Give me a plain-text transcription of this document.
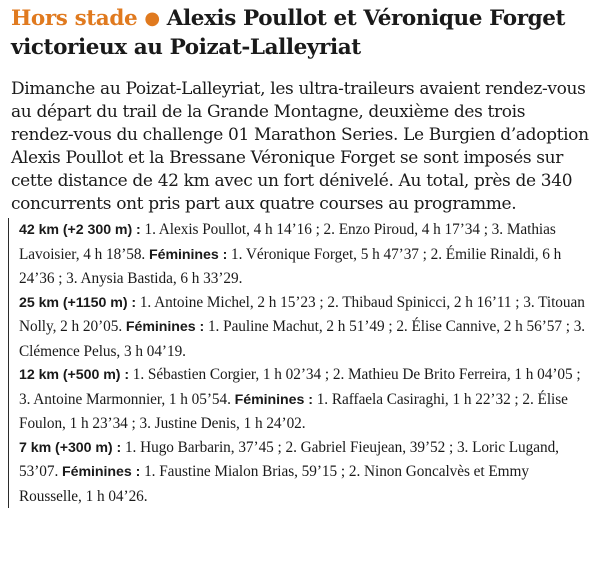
Hors stade ● Alexis Poullot et Véronique Forget victorieux au Poizat-Lalleyriat

Dimanche au Poizat-Lalleyriat, les ultra-traileurs avaient rendez-vous au départ du trail de la Grande Montagne, deuxième des trois rendez-vous du challenge 01 Marathon Series. Le Burgien d’adoption Alexis Poullot et la Bressane Véronique Forget se sont imposés sur cette distance de 42 km avec un fort dénivelé. Au total, près de 340 concurrents ont pris part aux quatre courses au programme.

42 km (+2 300 m) : 1. Alexis Poullot, 4 h 14’16 ; 2. Enzo Piroud, 4 h 17’34 ; 3. Mathias Lavoisier, 4 h 18’58. Féminines : 1. Véronique Forget, 5 h 47’37 ; 2. Émilie Rinaldi, 6 h 24’36 ; 3. Anysia Bastida, 6 h 33’29.

25 km (+1150 m) : 1. Antoine Michel, 2 h 15’23 ; 2. Thibaud Spinicci, 2 h 16’11 ; 3. Titouan Nolly, 2 h 20’05. Féminines : 1. Pauline Machut, 2 h 51’49 ; 2. Élise Cannive, 2 h 56’57 ; 3. Clémence Pelus, 3 h 04’19.

12 km (+500 m) : 1. Sébastien Corgier, 1 h 02’34 ; 2. Mathieu De Brito Ferreira, 1 h 04’05 ; 3. Antoine Marmonnier, 1 h 05’54. Féminines : 1. Raffaela Casiraghi, 1 h 22’32 ; 2. Élise Foulon, 1 h 23’34 ; 3. Justine Denis, 1 h 24’02.

7 km (+300 m) : 1. Hugo Barbarin, 37’45 ; 2. Gabriel Fieujean, 39’52 ; 3. Loric Lugand, 53’07. Féminines : 1. Faustine Mialon Brias, 59’15 ; 2. Ninon Goncalvès et Emmy Rousselle, 1 h 04’26.
